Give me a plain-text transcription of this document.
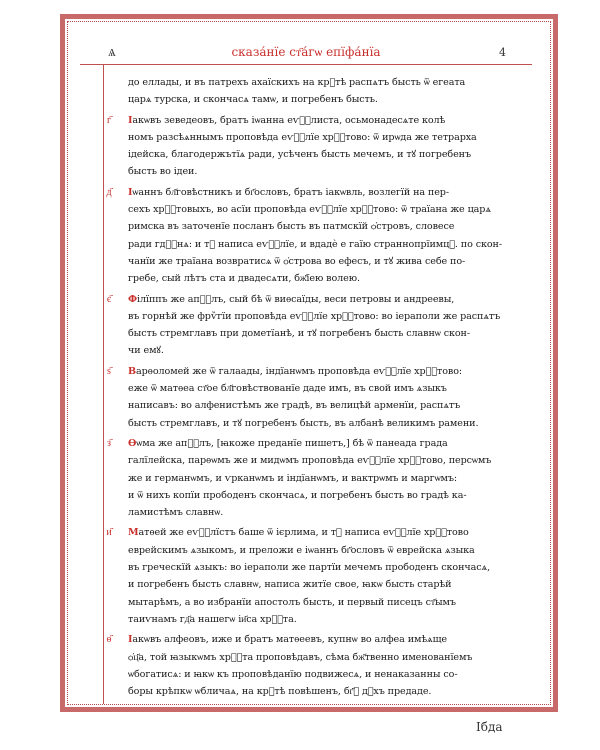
Ѧ	сказа́нїе ст҃а́гѡ епїфа́нїа	4
до еллады, и въ патрехъ ахаїскихъ на крⷮтѣ распѧтъ бысть ѿ егеата
царѧ турска, и скончасѧ тамѡ, и погребенъ бысть.
г҃	Іакѡвъ зеведеовъ, братъ іѡанна еѵⷢ҇листа, осьмонадесѧте колѣ
номъ разсѣѧннымъ проповѣда еѵⷢ҇лїе хрⷭ҇тово: ѿ ирѡда же тетрарха
ідейска, благодержътїѧ ради, усѣченъ бысть мечемъ, и тꙋ погребенъ
бысть во ідеи.
д҃	Іѡаннъ бл҃говѣстникъ и бг҃ословъ, братъ іакѡвль, возлегїй на пер-
сехъ хрⷭ҇товыхъ, во асїи проповѣда еѵⷢ҇лїе хрⷭ҇тово: ѿ траїана же царѧ
римска въ заточенїе посланъ бысть въ патмскїй ѻ҆стровъ, словесе
ради гдⷭ҇нѧ: и тꙋ написа еѵⷢ҇лїе, и вдадѐ е гаїю страннопрїимцꙋ. по скон-
чанїи же траїана возвратисѧ ѿ ѻ҆строва во ефесъ, и тꙋ жива себе по-
гребе, сый лѣтъ ста и двадесѧти, бж҃їею волею.
є҃	Філїппъ же апⷭ҇лъ, сый бѣ ѿ виѳсаїды, веси петровы и андреевы,
въ горнѣй же фрѷгїи проповѣда еѵⷢ҇лїе хрⷭ҇тово: во іераполи же распѧтъ
бысть стремглавъ при дометїанѣ, и тꙋ погребенъ бысть славнѡ скон-
чи емꙋ.
ѕ҃	Варѳоломей же ѿ галаады, індїанѡмъ проповѣда еѵⷢ҇лїе хрⷭ҇тово:
еже ѿ матѳеа ст҃ое бл҃говѣствованїе даде имъ, въ свой имъ ѧзыкъ
написавъ: во алфенистѣмъ же градѣ, въ велицѣй арменїи, распѧтъ
бысть стремглавъ, и тꙋ погребенъ бысть, въ албанѣ великимъ рамени.
з҃	Ѳѡма же апⷭ҇лъ, [ꙗкоже преданїе пишетъ,] бѣ ѿ панеада града
галїлейска, парѳѡмъ же и мидѡмъ проповѣда еѵⷢ҇лїе хрⷭ҇тово, персѡмъ
же и германѡмъ, и ѵрканѡмъ и індїанѡмъ, и вактрѡмъ и маргѡмъ:
и ѿ нихъ копїи прободенъ скончасѧ, и погребенъ бысть во градѣ ка-
ламистѣмъ славнѡ.
и҃	Матѳей же еѵⷢ҇лїстъ баше ѿ ієрлима, и тꙋ написа еѵⷢ҇лїе хрⷭ҇тово
еврейскимъ ѧзыкомъ, и преложи е іѡаннъ бг҃ословъ ѿ еврейска ѧзыка
въ греческїй ѧзыкъ: во іераполи же партїи мечемъ прободенъ скончасѧ,
и погребенъ бысть славнѡ, написа житїе свое, ꙗкѡ бысть старѣй
мытарѣмъ, а во избранїи апостолъ бысть, и первый писецъ ст҃ымъ
таиѵнамъ гд҃а нашегѡ іи҃са хрⷭ҇та.
ѳ҃	Іакѡвъ алфеовъ, иже и братъ матѳеевъ, купнѡ во алфеа имѣѧще
ѻ҆ц҃а, той ꙗзыкѡмъ хрⷭ҇та проповѣдавъ, сѣма бж҃твенно именованїемъ
ѡбогатисѧ: и ꙗкѡ къ проповѣданїю подвижесѧ, и ненаказанны со-
боры крѣпкѡ ѡбличаѧ, на крⷮтѣ повѣшенъ, бг҃ꙋ дꙋхъ предаде.
Ібда
